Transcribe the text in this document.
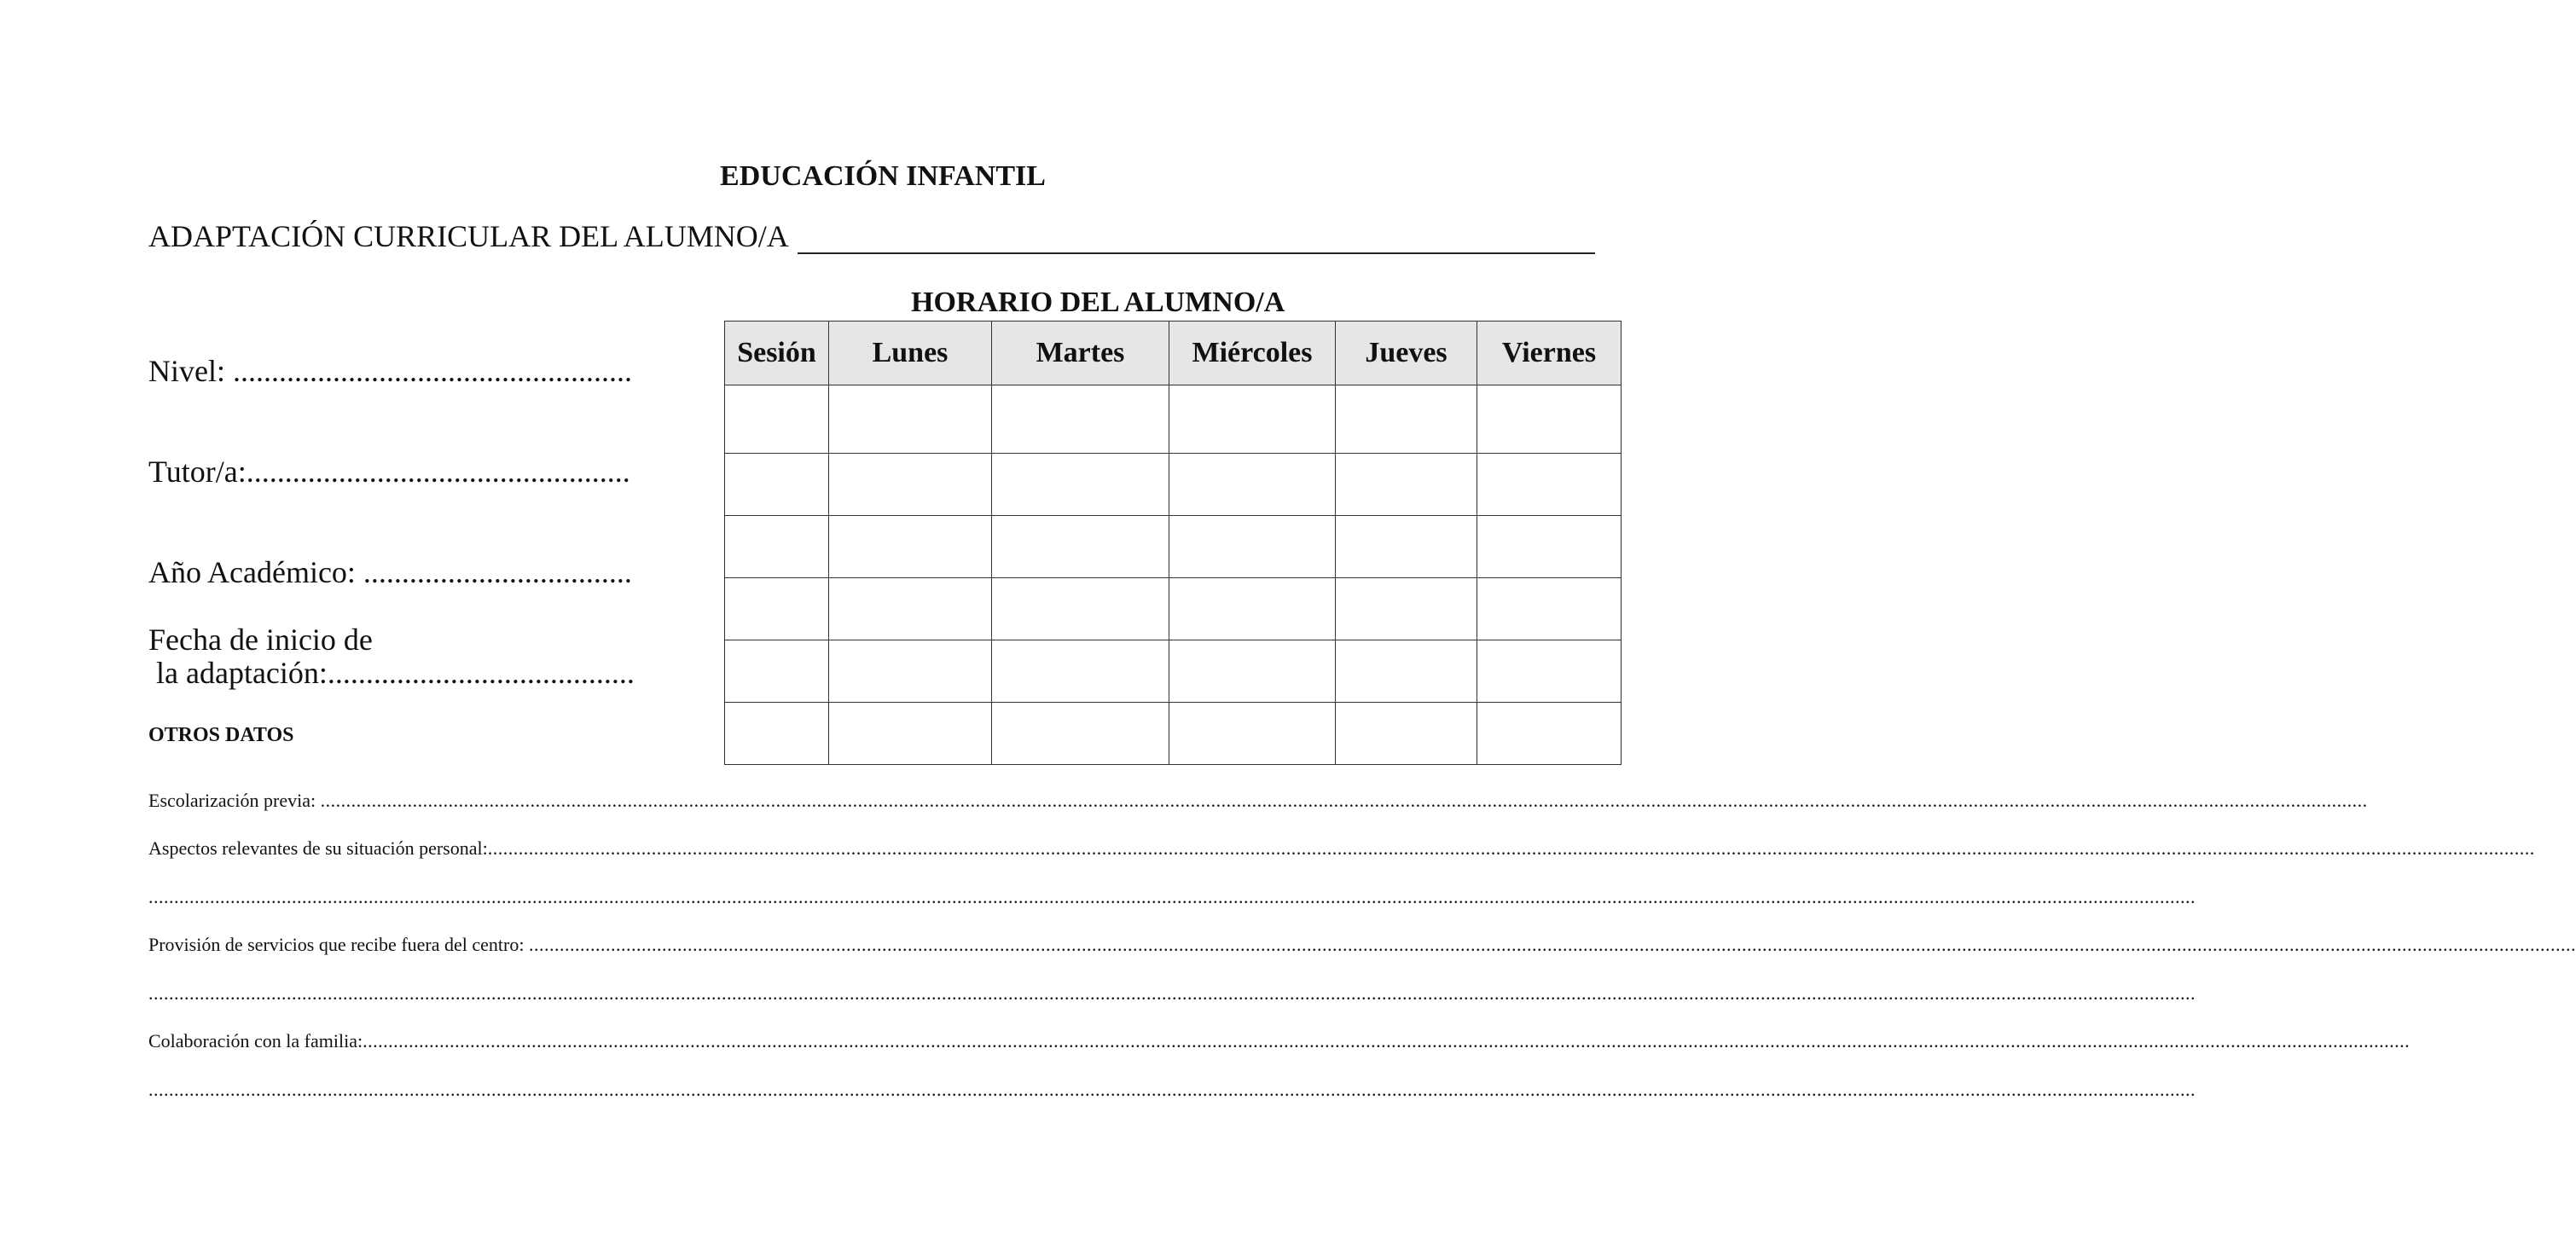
EDUCACIÓN INFANTIL
ADAPTACIÓN CURRICULAR DEL ALUMNO/A
Nivel: ....................................................
Tutor/a:..................................................
Año Académico: ...................................
Fecha de inicio de
la adaptación:........................................
OTROS DATOS
HORARIO DEL ALUMNO/A
Sesión	Lunes	Martes	Miércoles	Jueves	Viernes

Escolarización previa: ................................................................................................................................................................................................................................................................................................................................................................................................................
Aspectos relevantes de su situación personal: ................................................................................................................................................................................................................................................................................................................................................................................................................
................................................................................................................................................................................................................................................................................................................................................................................................................
Provisión de servicios que recibe fuera del centro: ................................................................................................................................................................................................................................................................................................................................................................................................................
................................................................................................................................................................................................................................................................................................................................................................................................................
Colaboración con la familia: ................................................................................................................................................................................................................................................................................................................................................................................................................
................................................................................................................................................................................................................................................................................................................................................................................................................
